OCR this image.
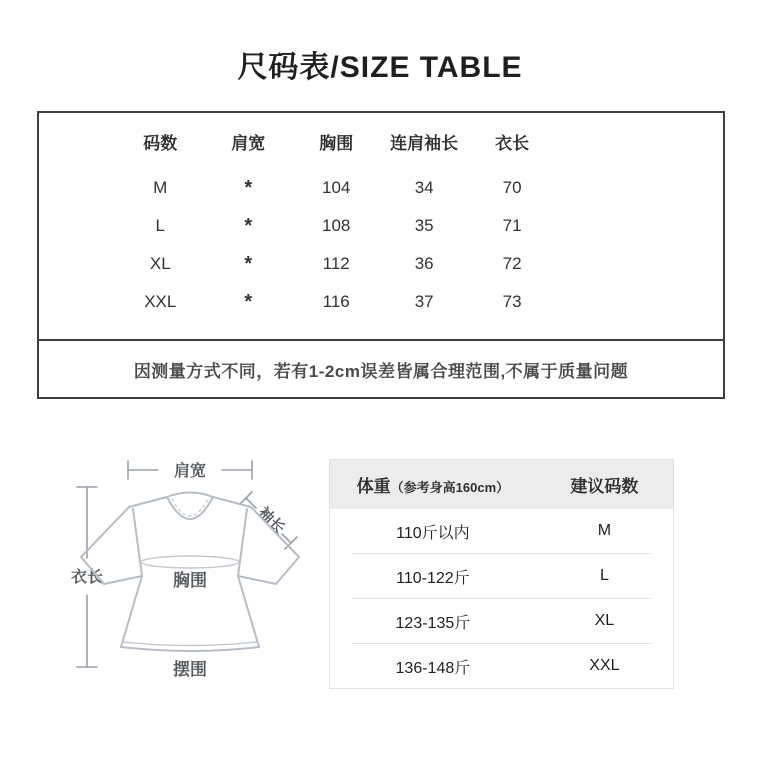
尺码表/SIZE TABLE
码数	肩宽	胸围	连肩袖长	衣长
M	*	104	34	70
L	*	108	35	71
XL	*	112	36	72
XXL	*	116	37	73
因测量方式不同，若有1-2cm误差皆属合理范围,不属于质量问题
肩宽
衣长
袖长
胸围
摆围
体重（参考身高160cm）	建议码数
110斤以内	M
110-122斤	L
123-135斤	XL
136-148斤	XXL
